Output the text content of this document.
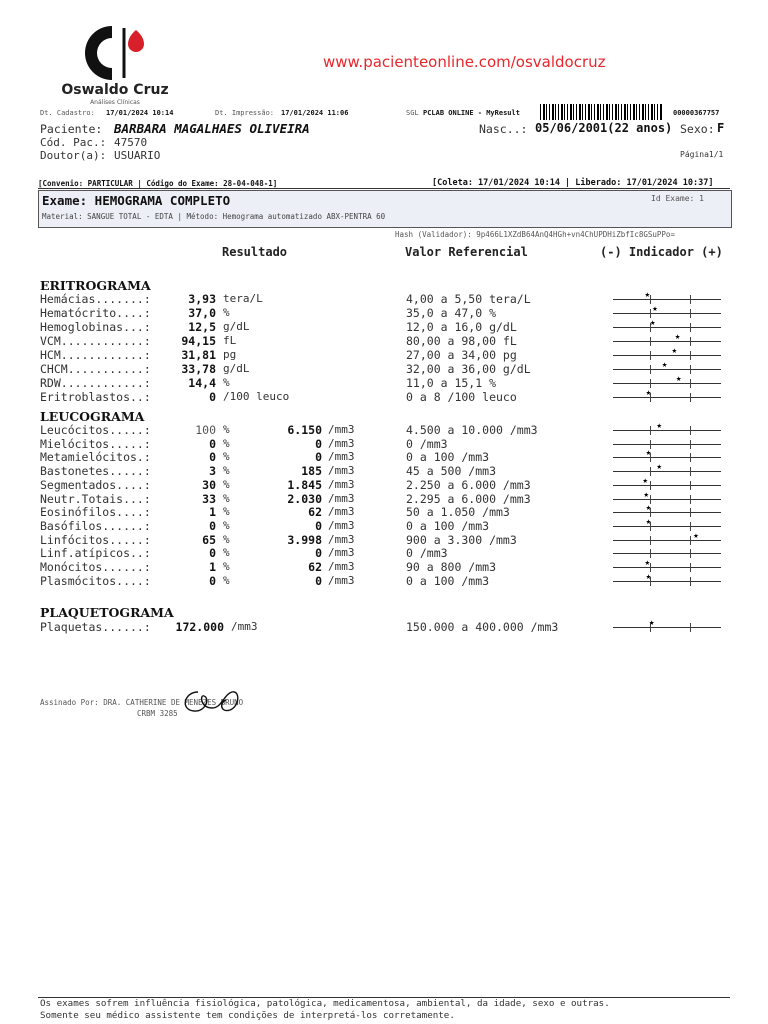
Oswaldo Cruz
Análises Clínicas
www.pacienteonline.com/osvaldocruz
Dt. Cadastro: 17/01/2024 10:14	Dt. Impressão: 17/01/2024 11:06	SGL PCLAB ONLINE - MyResult	00000367757
Paciente: BARBARA MAGALHAES OLIVEIRA	Nasc..: 05/06/2001(22 anos) Sexo: F
Cód. Pac.: 47570
Doutor(a): USUARIO	Página1/1
[Convenio: PARTICULAR | Código do Exame: 28-04-048-1]	[Coleta: 17/01/2024 10:14 | Liberado: 17/01/2024 10:37]
Exame: HEMOGRAMA COMPLETO	Id Exame: 1
Material: SANGUE TOTAL - EDTA | Método: Hemograma automatizado ABX-PENTRA 60
Hash (Validador): 9p466L1XZdB64AnQ4HGh+vn4ChUPDHiZbfIc8GSuPPo=
Resultado	Valor Referencial	(-) Indicador (+)
ERITROGRAMA
Hemácias.......:	3,93 tera/L	4,00 a 5,50 tera/L	★
Hematócrito....:	37,0 %	35,0 a 47,0 %	★
Hemoglobinas...:	12,5 g/dL	12,0 a 16,0 g/dL	★
VCM............:	94,15 fL	80,00 a 98,00 fL	★
HCM............:	31,81 pg	27,00 a 34,00 pg	★
CHCM...........:	33,78 g/dL	32,00 a 36,00 g/dL	★
RDW............:	14,4 %	11,0 a 15,1 %	★
Eritroblastos..:	0 /100 leuco	0 a 8 /100 leuco	★
LEUCOGRAMA
Leucócitos.....:	100 %	6.150 /mm3	4.500 a 10.000 /mm3	★
Mielócitos.....:	0 %	0 /mm3	0 /mm3
Metamielócitos.:	0 %	0 /mm3	0 a 100 /mm3	★
Bastonetes.....:	3 %	185 /mm3	45 a 500 /mm3	★
Segmentados....:	30 %	1.845 /mm3	2.250 a 6.000 /mm3	★
Neutr.Totais...:	33 %	2.030 /mm3	2.295 a 6.000 /mm3	★
Eosinófilos....:	1 %	62 /mm3	50 a 1.050 /mm3	★
Basófilos......:	0 %	0 /mm3	0 a 100 /mm3	★
Linfócitos.....:	65 %	3.998 /mm3	900 a 3.300 /mm3	★
Linf.atípicos..:	0 %	0 /mm3	0 /mm3
Monócitos......:	1 %	62 /mm3	90 a 800 /mm3	★
Plasmócitos....:	0 %	0 /mm3	0 a 100 /mm3	★
PLAQUETOGRAMA
Plaquetas......:	172.000 /mm3	150.000 a 400.000 /mm3	★
Assinado Por: DRA. CATHERINE DE MENEZES BRUNO
CRBM 3285
Os exames sofrem influência fisiológica, patológica, medicamentosa, ambiental, da idade, sexo e outras.
Somente seu médico assistente tem condições de interpretá-los corretamente.
